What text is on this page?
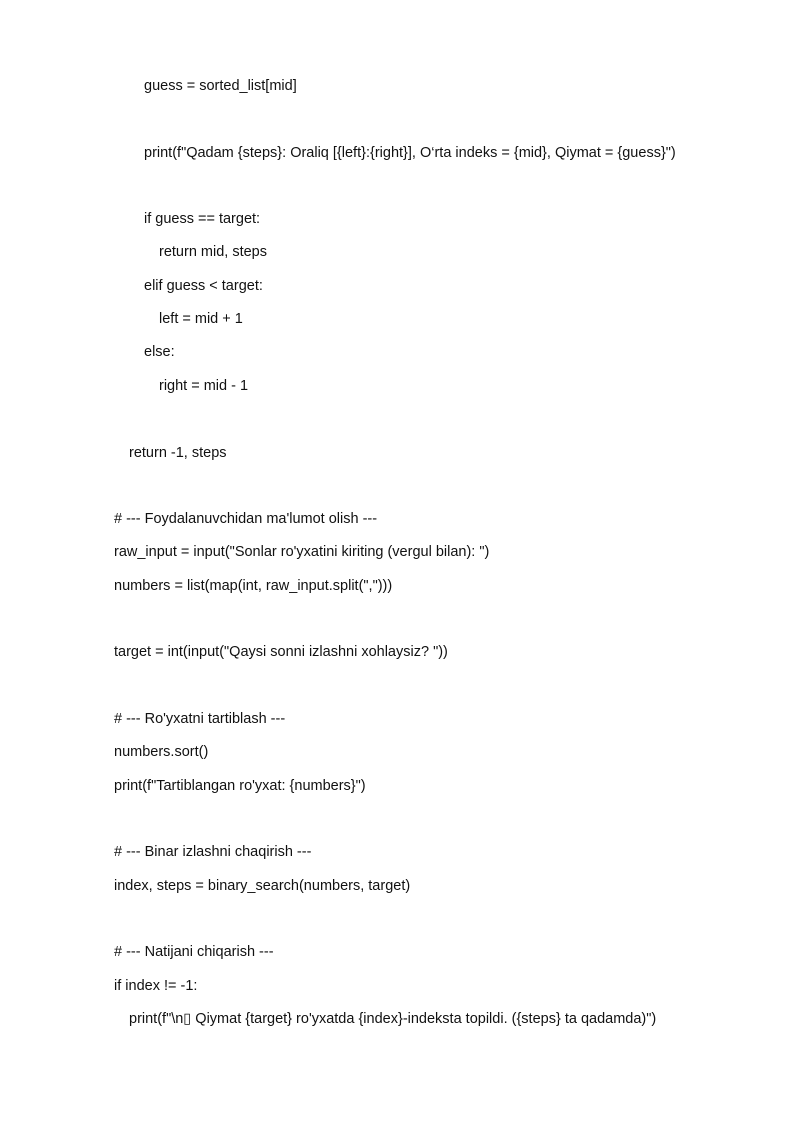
guess = sorted_list[mid]
print(f"Qadam {steps}: Oraliq [{left}:{right}], O‘rta indeks = {mid}, Qiymat = {guess}")
if guess == target:
return mid, steps
elif guess < target:
left = mid + 1
else:
right = mid - 1
return -1, steps
# --- Foydalanuvchidan ma'lumot olish ---
raw_input = input("Sonlar ro'yxatini kiriting (vergul bilan): ")
numbers = list(map(int, raw_input.split(",")))
target = int(input("Qaysi sonni izlashni xohlaysiz? "))
# --- Ro'yxatni tartiblash ---
numbers.sort()
print(f"Tartiblangan ro'yxat: {numbers}")
# --- Binar izlashni chaqirish ---
index, steps = binary_search(numbers, target)
# --- Natijani chiqarish ---
if index != -1:
print(f"\n▯ Qiymat {target} ro'yxatda {index}-indeksta topildi. ({steps} ta qadamda)")
